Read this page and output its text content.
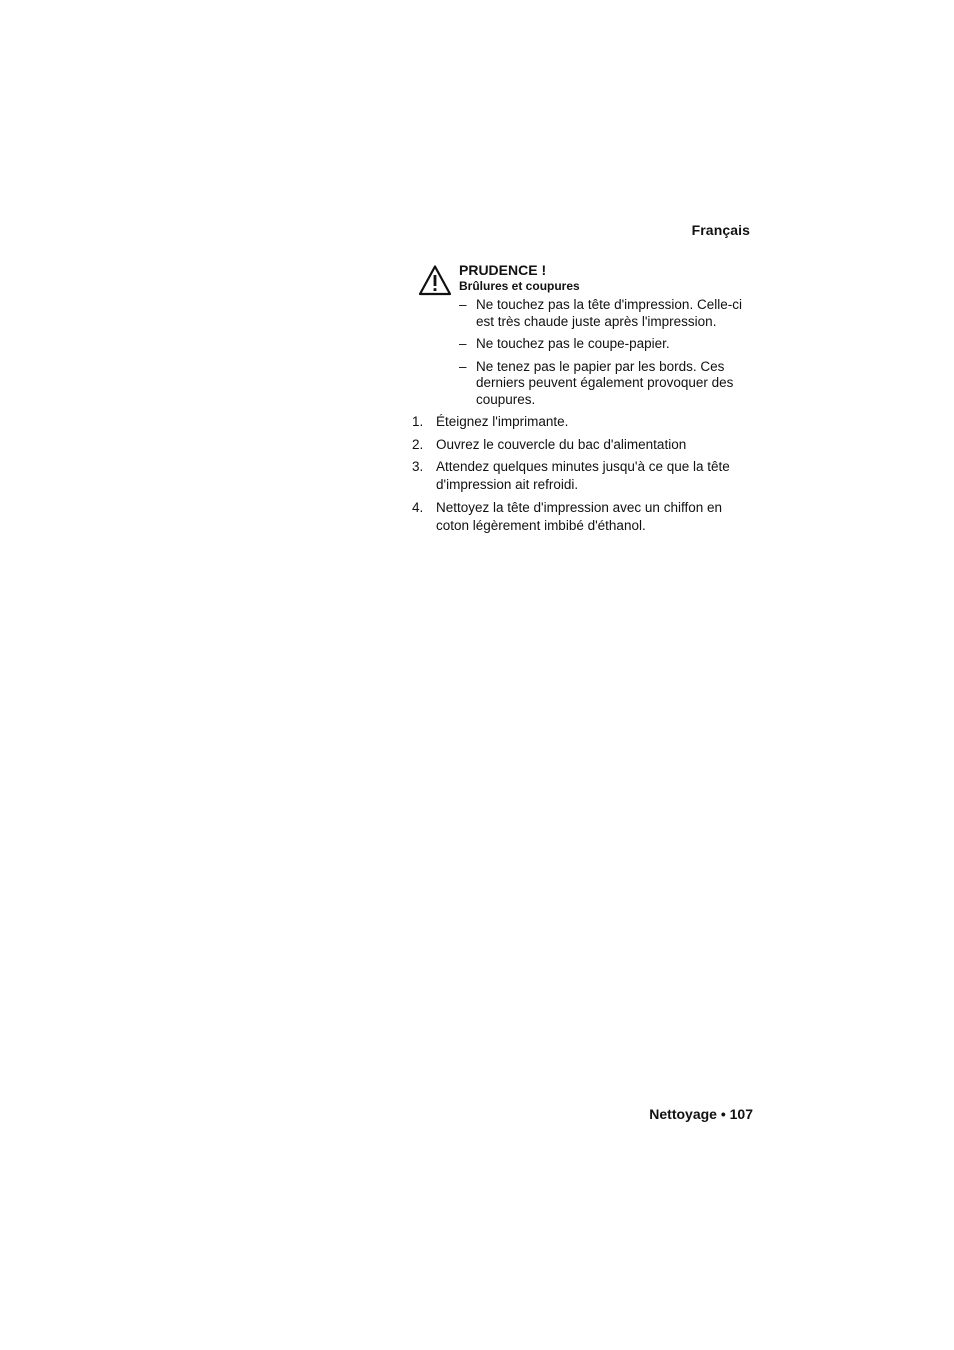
Français
PRUDENCE !
Brûlures et coupures
– Ne touchez pas la tête d'impression. Celle-ci est très chaude juste après l'impression.
– Ne touchez pas le coupe-papier.
– Ne tenez pas le papier par les bords. Ces derniers peuvent également provoquer des coupures.
1. Éteignez l'imprimante.
2. Ouvrez le couvercle du bac d'alimentation
3. Attendez quelques minutes jusqu'à ce que la tête d'impression ait refroidi.
4. Nettoyez la tête d'impression avec un chiffon en coton légèrement imbibé d'éthanol.
Nettoyage • 107
